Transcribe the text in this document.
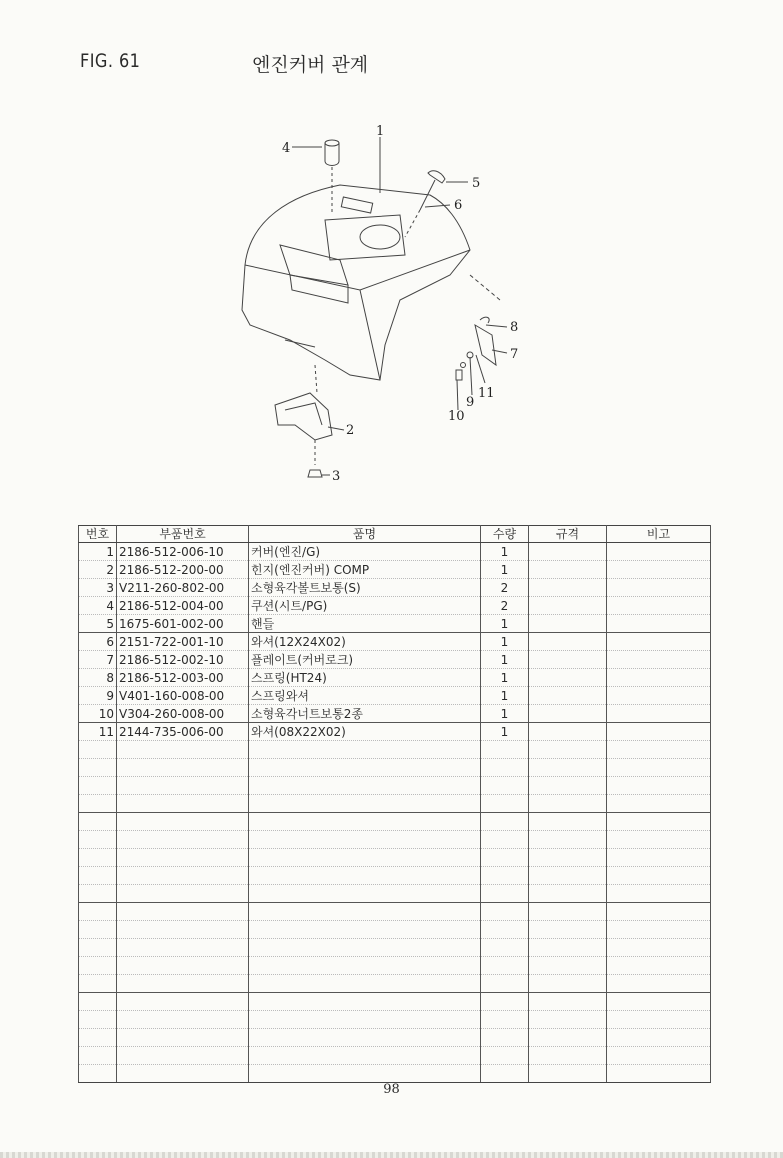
FIG. 61	엔진커버 관계
1
2
3
4
5
6
7
8
9
10
11
번호	부품번호	품명	수량	규격	비고
1	2186-512-006-10	커버(엔진/G)	1		
2	2186-512-200-00	힌지(엔진커버) COMP	1		
3	V211-260-802-00	소형육각볼트보통(S)	2		
4	2186-512-004-00	쿠션(시트/PG)	2		
5	1675-601-002-00	핸들	1		
6	2151-722-001-10	와셔(12X24X02)	1		
7	2186-512-002-10	플레이트(커버로크)	1		
8	2186-512-003-00	스프링(HT24)	1		
9	V401-160-008-00	스프링와셔	1		
10	V304-260-008-00	소형육각너트보통2종	1		
11	2144-735-006-00	와셔(08X22X02)	1		

98
